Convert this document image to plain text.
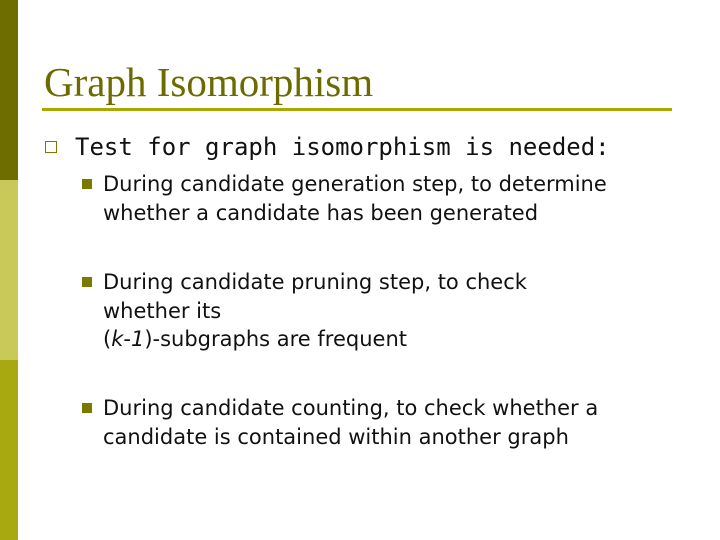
Graph Isomorphism
Test for graph isomorphism is needed:
During candidate generation step, to determine
whether a candidate has been generated
During candidate pruning step, to check
whether its
(k-1)-subgraphs are frequent
During candidate counting, to check whether a
candidate is contained within another graph
